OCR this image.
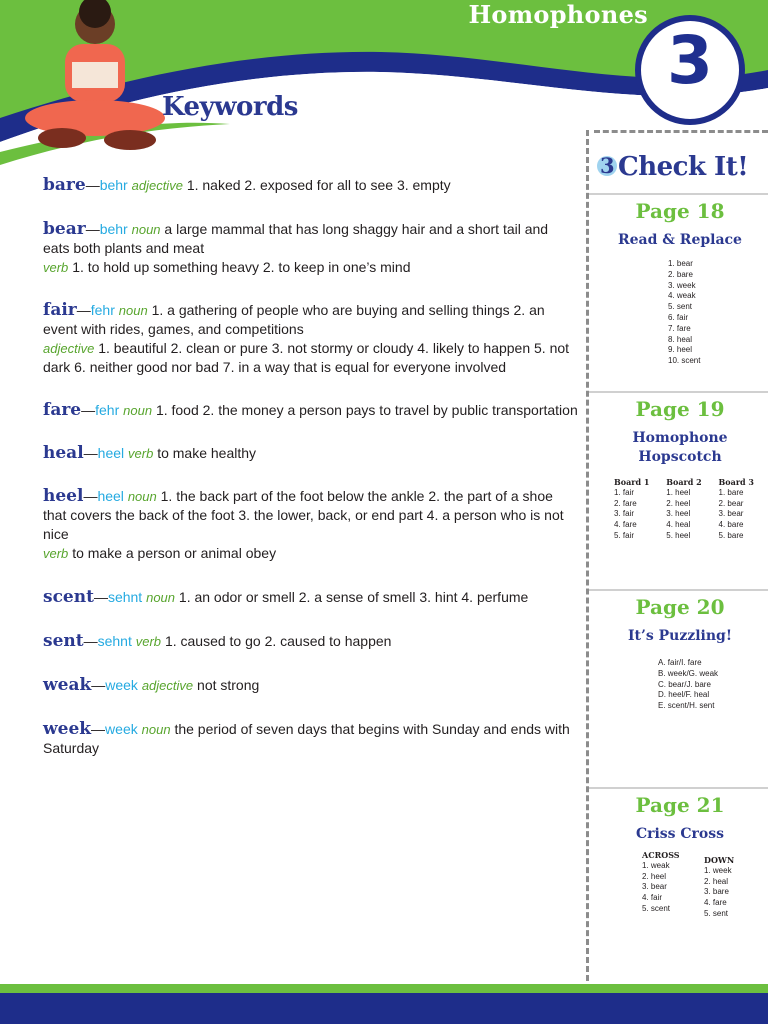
Homophones
3
Keywords
bare—behr adjective 1. naked 2. exposed for all to see 3. empty
bear—behr noun a large mammal that has long shaggy hair and a short tail and eats both plants and meat
verb 1. to hold up something heavy 2. to keep in one’s mind
fair—fehr noun 1. a gathering of people who are buying and selling things 2. an event with rides, games, and competitions
adjective 1. beautiful 2. clean or pure 3. not stormy or cloudy 4. likely to happen 5. not dark 6. neither good nor bad 7. in a way that is equal for everyone involved
fare—fehr noun 1. food 2. the money a person pays to travel by public transportation
heal—heel verb to make healthy
heel—heel noun 1. the back part of the foot below the ankle 2. the part of a shoe that covers the back of the foot 3. the lower, back, or end part 4. a person who is not nice
verb to make a person or animal obey
scent—sehnt noun 1. an odor or smell 2. a sense of smell 3. hint 4. perfume
sent—sehnt verb 1. caused to go 2. caused to happen
weak—week adjective not strong
week—week noun the period of seven days that begins with Sunday and ends with Saturday
3 Check It!
Page 18
Read & Replace
1. bear
2. bare
3. week
4. weak
5. sent
6. fair
7. fare
8. heal
9. heel
10. scent
Page 19
Homophone
Hopscotch
Board 1
1. fair
2. fare
3. fair
4. fare
5. fair
Board 2
1. heel
2. heel
3. heel
4. heal
5. heel
Board 3
1. bare
2. bear
3. bear
4. bare
5. bare
Page 20
It’s Puzzling!
A. fair/I. fare
B. week/G. weak
C. bear/J. bare
D. heel/F. heal
E. scent/H. sent
Page 21
Criss Cross
ACROSS
1. weak
2. heel
3. bear
4. fair
5. scent
DOWN
1. week
2. heal
3. bare
4. fare
5. sent
